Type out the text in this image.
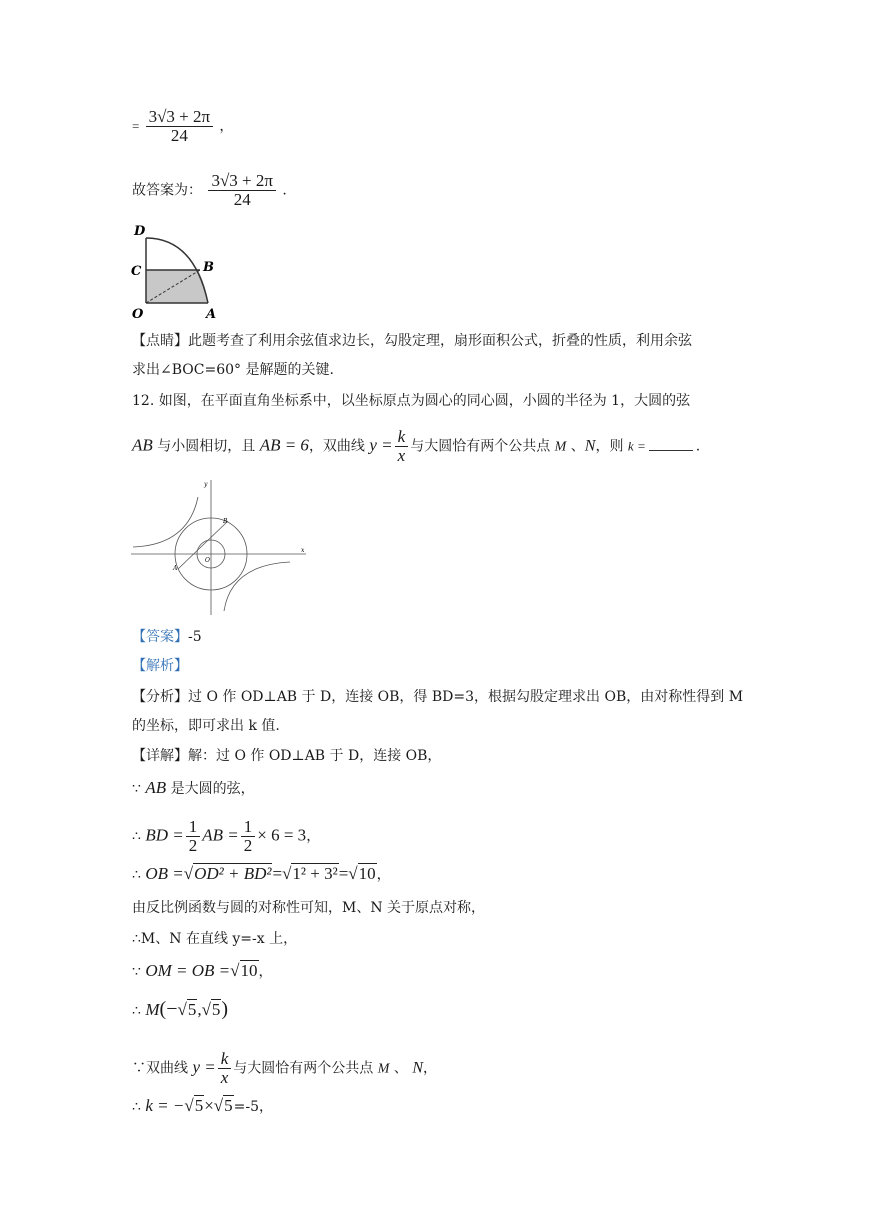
= $\frac{3√3 + 2\pi}{24}$ ，
故答案为： $\frac{3√3 + 2\pi}{24}$ .
D
C	B
O	A
【点睛】此题考查了利用余弦值求边长，勾股定理，扇形面积公式，折叠的性质，利用余弦
求出∠BOC=60° 是解题的关键.
12. 如图，在平面直角坐标系中，以坐标原点为圆心的同心圆，小圆的半径为 1，大圆的弦
AB 与小圆相切，且 AB = 6，双曲线 $y = \frac{k}{x}$ 与大圆恰有两个公共点 M 、N，则 k =	.
y
x
B
A
O
【答案】-5
【解析】
【分析】过 O 作 OD⊥AB 于 D，连接 OB，得 BD=3，根据勾股定理求出 OB，由对称性得到 M
的坐标，即可求出 k 值.
【详解】解：过 O 作 OD⊥AB 于 D，连接 OB，
∵ AB 是大圆的弦，
∴ BD = $\frac{1}{2}$ AB = $\frac{1}{2} \times 6 = 3$，
∴ OB =√OD² + BD²=√1² + 3²=√10，
由反比例函数与圆的对称性可知，M、N 关于原点对称，
∴M、N 在直线 y=-x 上，
∵ OM = OB =√10，
∴ M(−√5,√5)
∵双曲线 $y = \frac{k}{x}$ 与大圆恰有两个公共点 M 、 N，
∴ k = −√5×√5=-5，
